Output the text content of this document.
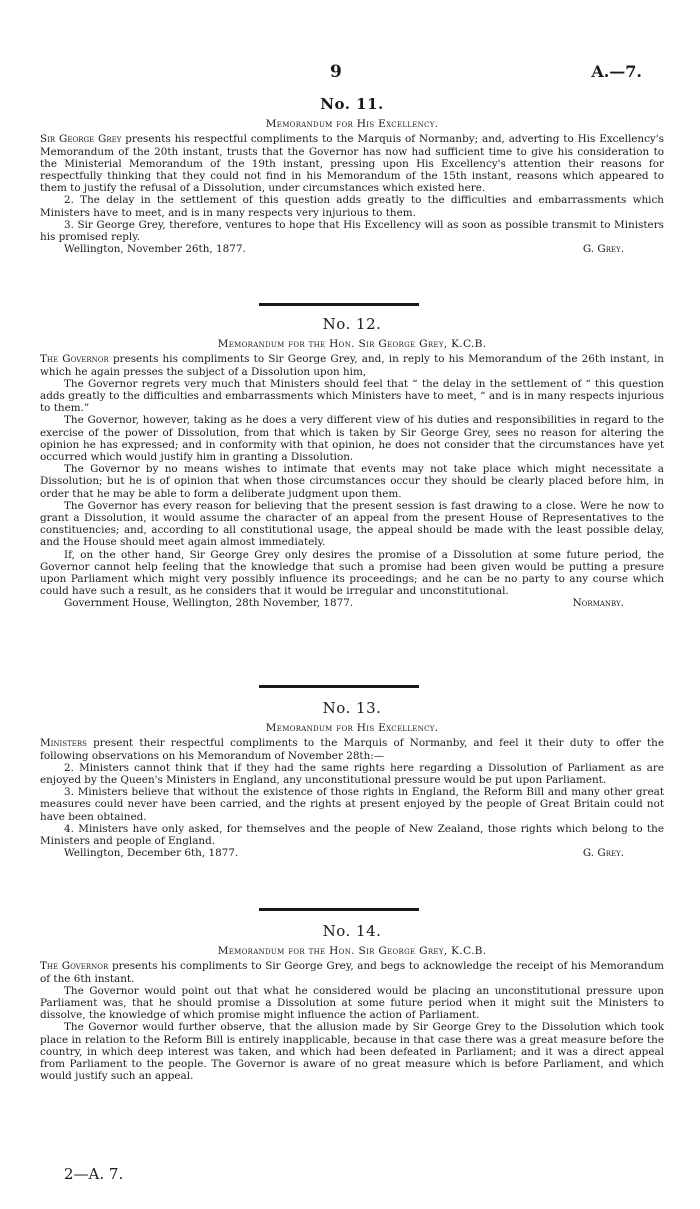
9	A.—7.
No. 11.
Memorandum for His Excellency.

Sir George Grey presents his respectful compliments to the Marquis of Normanby; and, adverting to His Excellency's Memorandum of the 20th instant, trusts that the Governor has now had sufficient time to give his consideration to the Ministerial Memorandum of the 19th instant, pressing upon His Excellency's attention their reasons for respectfully thinking that they could not find in his Memorandum of the 15th instant, reasons which appeared to them to justify the refusal of a Dissolution, under circumstances which existed here.

2. The delay in the settlement of this question adds greatly to the difficulties and embarrassments which Ministers have to meet, and is in many respects very injurious to them.

3. Sir George Grey, therefore, ventures to hope that His Excellency will as soon as possible transmit to Ministers his promised reply.

Wellington, November 26th, 1877.	G. Grey.
No. 12.
Memorandum for the Hon. Sir George Grey, K.C.B.

The Governor presents his compliments to Sir George Grey, and, in reply to his Memorandum of the 26th instant, in which he again presses the subject of a Dissolution upon him,

The Governor regrets very much that Ministers should feel that “ the delay in the settlement of “ this question adds greatly to the difficulties and embarrassments which Ministers have to meet, “ and is in many respects injurious to them.”

The Governor, however, taking as he does a very different view of his duties and responsibilities in regard to the exercise of the power of Dissolution, from that which is taken by Sir George Grey, sees no reason for altering the opinion he has expressed; and in conformity with that opinion, he does not consider that the circumstances have yet occurred which would justify him in granting a Dissolution.

The Governor by no means wishes to intimate that events may not take place which might necessitate a Dissolution; but he is of opinion that when those circumstances occur they should be clearly placed before him, in order that he may be able to form a deliberate judgment upon them.

The Governor has every reason for believing that the present session is fast drawing to a close. Were he now to grant a Dissolution, it would assume the character of an appeal from the present House of Representatives to the constituencies; and, according to all constitutional usage, the appeal should be made with the least possible delay, and the House should meet again almost immediately.

If, on the other hand, Sir George Grey only desires the promise of a Dissolution at some future period, the Governor cannot help feeling that the knowledge that such a promise had been given would be putting a presure upon Parliament which might very possibly influence its proceedings; and he can be no party to any course which could have such a result, as he considers that it would be irregular and unconstitutional.

Government House, Wellington, 28th November, 1877.	Normanby.
No. 13.
Memorandum for His Excellency.

Ministers present their respectful compliments to the Marquis of Normanby, and feel it their duty to offer the following observations on his Memorandum of November 28th:—

2. Ministers cannot think that if they had the same rights here regarding a Dissolution of Parliament as are enjoyed by the Queen's Ministers in England, any unconstitutional pressure would be put upon Parliament.

3. Ministers believe that without the existence of those rights in England, the Reform Bill and many other great measures could never have been carried, and the rights at present enjoyed by the people of Great Britain could not have been obtained.

4. Ministers have only asked, for themselves and the people of New Zealand, those rights which belong to the Ministers and people of England.

Wellington, December 6th, 1877.	G. Grey.
No. 14.
Memorandum for the Hon. Sir George Grey, K.C.B.

The Governor presents his compliments to Sir George Grey, and begs to acknowledge the receipt of his Memorandum of the 6th instant.

The Governor would point out that what he considered would be placing an unconstitutional pressure upon Parliament was, that he should promise a Dissolution at some future period when it might suit the Ministers to dissolve, the knowledge of which promise might influence the action of Parliament.

The Governor would further observe, that the allusion made by Sir George Grey to the Dissolution which took place in relation to the Reform Bill is entirely inapplicable, because in that case there was a great measure before the country, in which deep interest was taken, and which had been defeated in Parliament; and it was a direct appeal from Parliament to the people. The Governor is aware of no great measure which is before Parliament, and which would justify such an appeal.

2—A. 7.
